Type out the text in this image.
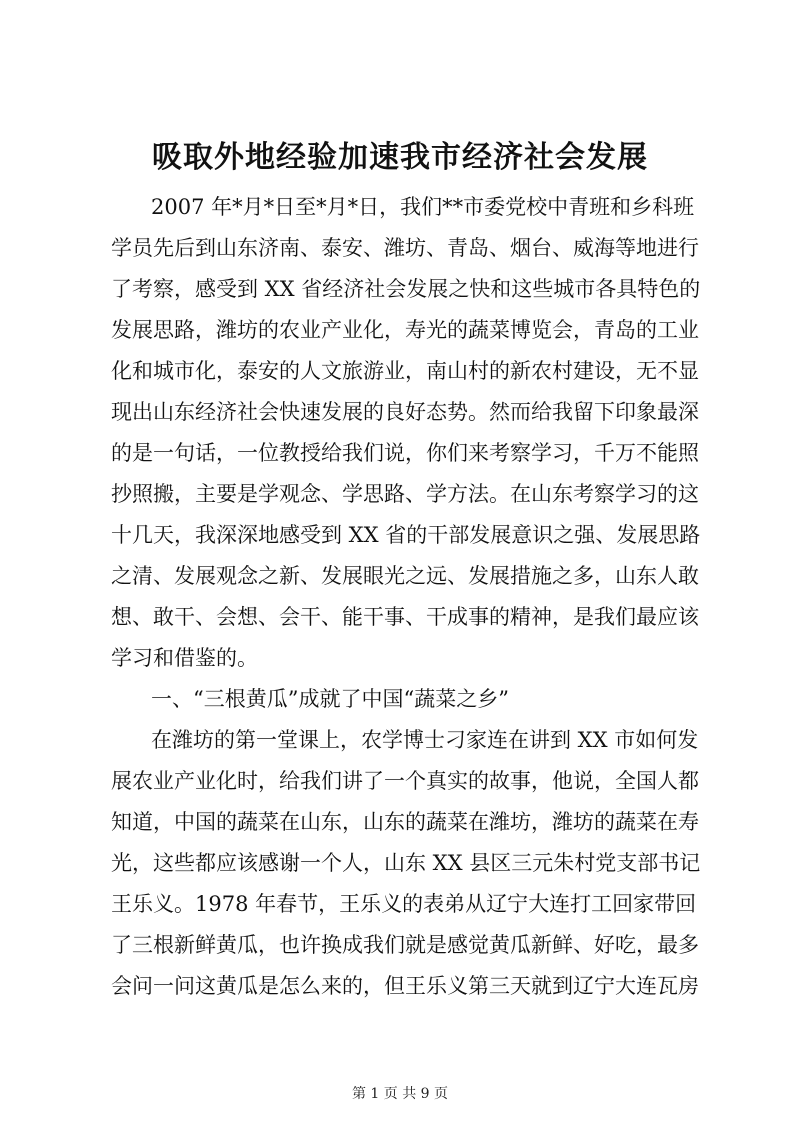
吸取外地经验加速我市经济社会发展
2007 年*月*日至*月*日，我们**市委党校中青班和乡科班
学员先后到山东济南、泰安、潍坊、青岛、烟台、威海等地进行
了考察，感受到 XX 省经济社会发展之快和这些城市各具特色的
发展思路，潍坊的农业产业化，寿光的蔬菜博览会，青岛的工业
化和城市化，泰安的人文旅游业，南山村的新农村建设，无不显
现出山东经济社会快速发展的良好态势。然而给我留下印象最深
的是一句话，一位教授给我们说，你们来考察学习，千万不能照
抄照搬，主要是学观念、学思路、学方法。在山东考察学习的这
十几天，我深深地感受到 XX 省的干部发展意识之强、发展思路
之清、发展观念之新、发展眼光之远、发展措施之多，山东人敢
想、敢干、会想、会干、能干事、干成事的精神，是我们最应该
学习和借鉴的。
一、“三根黄瓜”成就了中国“蔬菜之乡”
在潍坊的第一堂课上，农学博士刁家连在讲到 XX 市如何发
展农业产业化时，给我们讲了一个真实的故事，他说，全国人都
知道，中国的蔬菜在山东，山东的蔬菜在潍坊，潍坊的蔬菜在寿
光，这些都应该感谢一个人，山东 XX 县区三元朱村党支部书记
王乐义。1978 年春节，王乐义的表弟从辽宁大连打工回家带回
了三根新鲜黄瓜，也许换成我们就是感觉黄瓜新鲜、好吃，最多
会问一问这黄瓜是怎么来的，但王乐义第三天就到辽宁大连瓦房
第 1 页 共 9 页
